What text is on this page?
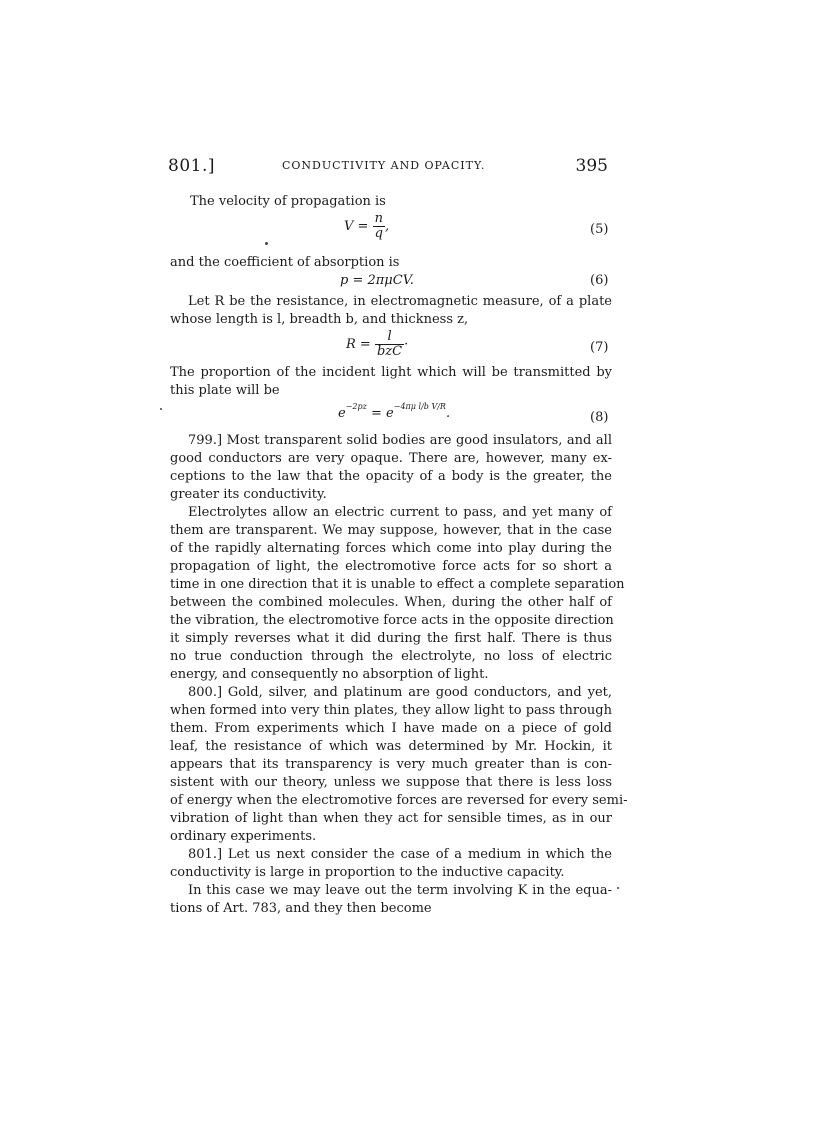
801.]	CONDUCTIVITY AND OPACITY.	395
The velocity of propagation is
$V = \frac{n}{q}$ ,	(5)
and the coefficient of absorption is
p = 2πμCV.	(6)
Let R be the resistance, in electromagnetic measure, of a plate
whose length is l, breadth b, and thickness z,
$R = \frac{l}{\text{bzC}}$ ·	(7)
The proportion of the incident light which will be transmitted by
this plate will be
$e^{-2pz} = e^{-4\pi\mu l/b V/R}$.	(8)
799.] Most transparent solid bodies are good insulators, and all
good conductors are very opaque. There are, however, many ex-
ceptions to the law that the opacity of a body is the greater, the
greater its conductivity.
Electrolytes allow an electric current to pass, and yet many of
them are transparent. We may suppose, however, that in the case
of the rapidly alternating forces which come into play during the
propagation of light, the electromotive force acts for so short a
time in one direction that it is unable to effect a complete separation
between the combined molecules. When, during the other half of
the vibration, the electromotive force acts in the opposite direction
it simply reverses what it did during the first half. There is thus
no true conduction through the electrolyte, no loss of electric
energy, and consequently no absorption of light.
800.] Gold, silver, and platinum are good conductors, and yet,
when formed into very thin plates, they allow light to pass through
them. From experiments which I have made on a piece of gold
leaf, the resistance of which was determined by Mr. Hockin, it
appears that its transparency is very much greater than is con-
sistent with our theory, unless we suppose that there is less loss
of energy when the electromotive forces are reversed for every semi-
vibration of light than when they act for sensible times, as in our
ordinary experiments.
801.] Let us next consider the case of a medium in which the
conductivity is large in proportion to the inductive capacity.
In this case we may leave out the term involving K in the equa-
tions of Art. 783, and they then become
